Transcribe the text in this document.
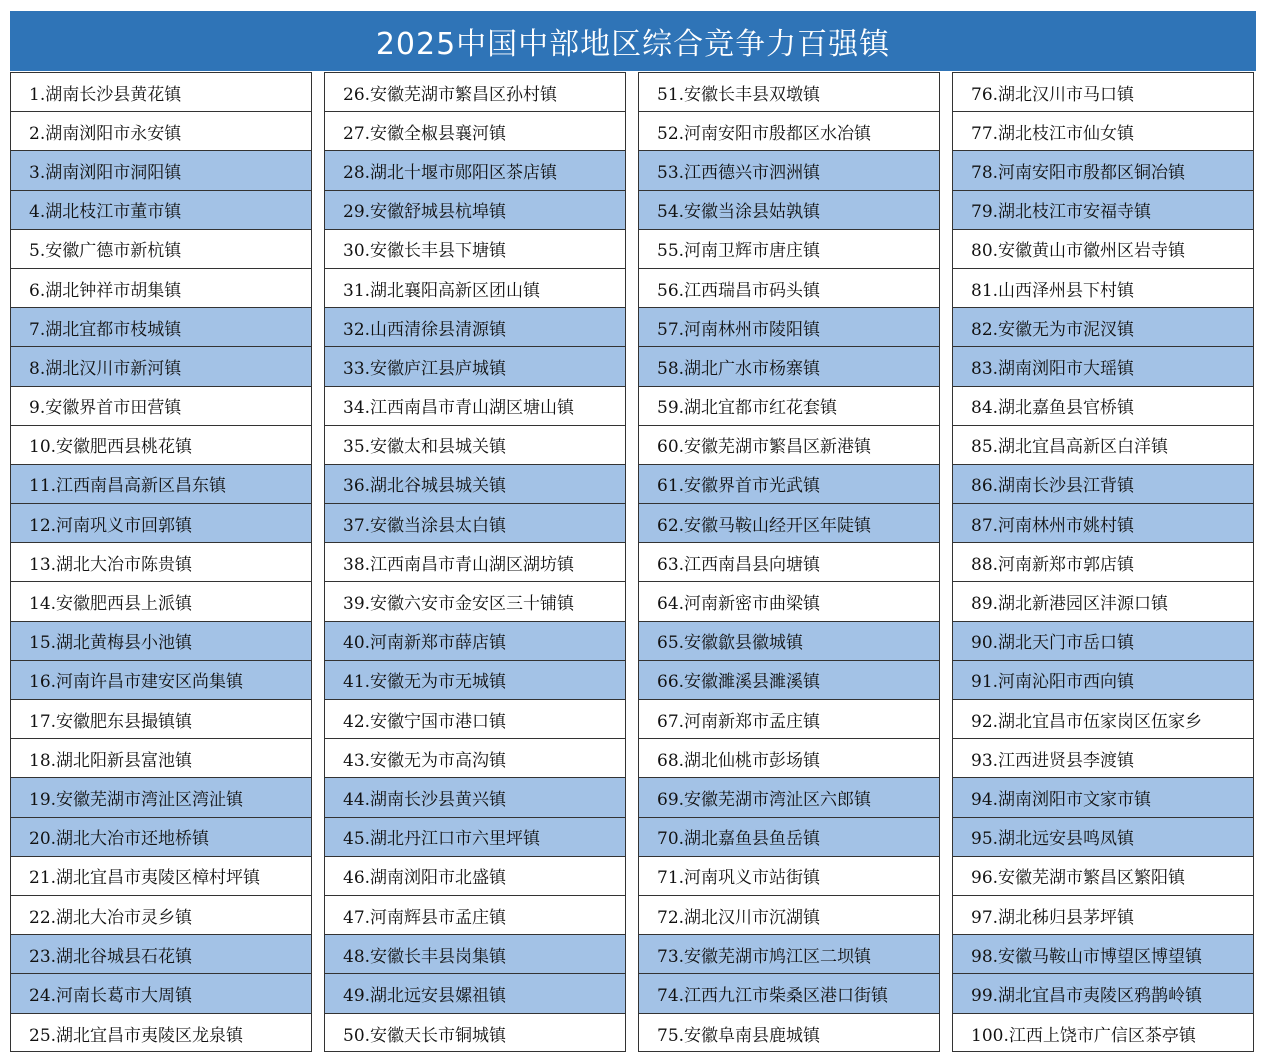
2025中国中部地区综合竞争力百强镇
1.湖南长沙县黄花镇
2.湖南浏阳市永安镇
3.湖南浏阳市洞阳镇
4.湖北枝江市董市镇
5.安徽广德市新杭镇
6.湖北钟祥市胡集镇
7.湖北宜都市枝城镇
8.湖北汉川市新河镇
9.安徽界首市田营镇
10.安徽肥西县桃花镇
11.江西南昌高新区昌东镇
12.河南巩义市回郭镇
13.湖北大冶市陈贵镇
14.安徽肥西县上派镇
15.湖北黄梅县小池镇
16.河南许昌市建安区尚集镇
17.安徽肥东县撮镇镇
18.湖北阳新县富池镇
19.安徽芜湖市湾沚区湾沚镇
20.湖北大冶市还地桥镇
21.湖北宜昌市夷陵区樟村坪镇
22.湖北大冶市灵乡镇
23.湖北谷城县石花镇
24.河南长葛市大周镇
25.湖北宜昌市夷陵区龙泉镇
26.安徽芜湖市繁昌区孙村镇
27.安徽全椒县襄河镇
28.湖北十堰市郧阳区茶店镇
29.安徽舒城县杭埠镇
30.安徽长丰县下塘镇
31.湖北襄阳高新区团山镇
32.山西清徐县清源镇
33.安徽庐江县庐城镇
34.江西南昌市青山湖区塘山镇
35.安徽太和县城关镇
36.湖北谷城县城关镇
37.安徽当涂县太白镇
38.江西南昌市青山湖区湖坊镇
39.安徽六安市金安区三十铺镇
40.河南新郑市薛店镇
41.安徽无为市无城镇
42.安徽宁国市港口镇
43.安徽无为市高沟镇
44.湖南长沙县黄兴镇
45.湖北丹江口市六里坪镇
46.湖南浏阳市北盛镇
47.河南辉县市孟庄镇
48.安徽长丰县岗集镇
49.湖北远安县嫘祖镇
50.安徽天长市铜城镇
51.安徽长丰县双墩镇
52.河南安阳市殷都区水冶镇
53.江西德兴市泗洲镇
54.安徽当涂县姑孰镇
55.河南卫辉市唐庄镇
56.江西瑞昌市码头镇
57.河南林州市陵阳镇
58.湖北广水市杨寨镇
59.湖北宜都市红花套镇
60.安徽芜湖市繁昌区新港镇
61.安徽界首市光武镇
62.安徽马鞍山经开区年陡镇
63.江西南昌县向塘镇
64.河南新密市曲梁镇
65.安徽歙县徽城镇
66.安徽濉溪县濉溪镇
67.河南新郑市孟庄镇
68.湖北仙桃市彭场镇
69.安徽芜湖市湾沚区六郎镇
70.湖北嘉鱼县鱼岳镇
71.河南巩义市站街镇
72.湖北汉川市沉湖镇
73.安徽芜湖市鸠江区二坝镇
74.江西九江市柴桑区港口街镇
75.安徽阜南县鹿城镇
76.湖北汉川市马口镇
77.湖北枝江市仙女镇
78.河南安阳市殷都区铜冶镇
79.湖北枝江市安福寺镇
80.安徽黄山市徽州区岩寺镇
81.山西泽州县下村镇
82.安徽无为市泥汊镇
83.湖南浏阳市大瑶镇
84.湖北嘉鱼县官桥镇
85.湖北宜昌高新区白洋镇
86.湖南长沙县江背镇
87.河南林州市姚村镇
88.河南新郑市郭店镇
89.湖北新港园区沣源口镇
90.湖北天门市岳口镇
91.河南沁阳市西向镇
92.湖北宜昌市伍家岗区伍家乡
93.江西进贤县李渡镇
94.湖南浏阳市文家市镇
95.湖北远安县鸣凤镇
96.安徽芜湖市繁昌区繁阳镇
97.湖北秭归县茅坪镇
98.安徽马鞍山市博望区博望镇
99.湖北宜昌市夷陵区鸦鹊岭镇
100.江西上饶市广信区茶亭镇
